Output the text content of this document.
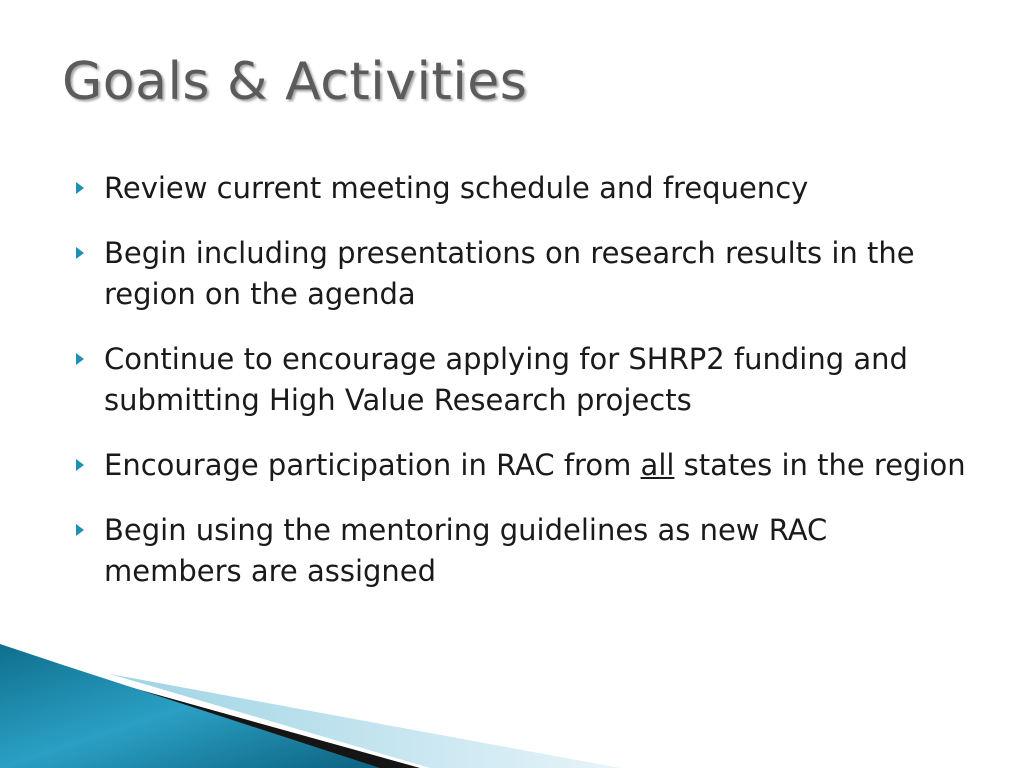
Goals & Activities
Review current meeting schedule and frequency
Begin including presentations on research results in the region on the agenda
Continue to encourage applying for SHRP2 funding and submitting High Value Research projects
Encourage participation in RAC from all states in the region
Begin using the mentoring guidelines as new RAC members are assigned
